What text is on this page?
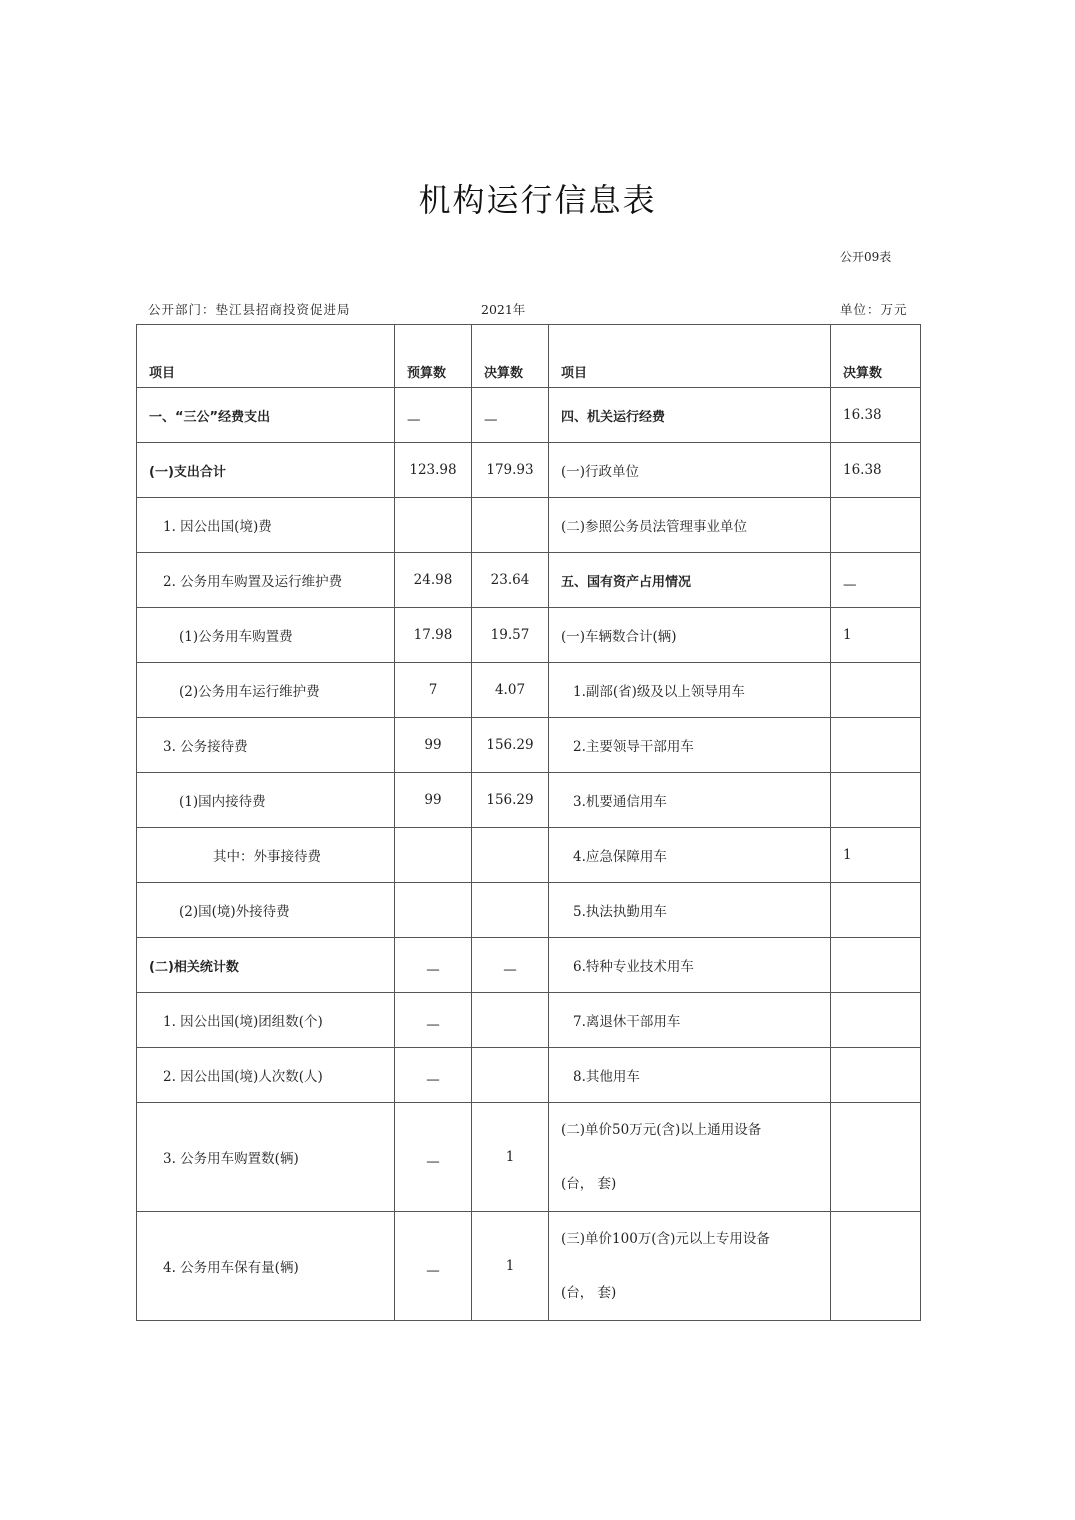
机构运行信息表
公开09表
公开部门：垫江县招商投资促进局	2021年	单位：万元
项目	预算数	决算数	项目	决算数
一、“三公”经费支出	—	—	四、机关运行经费	16.38
(一)支出合计	123.98	179.93	(一)行政单位	16.38
1. 因公出国(境)费			(二)参照公务员法管理事业单位	
2. 公务用车购置及运行维护费	24.98	23.64	五、国有资产占用情况	—
(1)公务用车购置费	17.98	19.57	(一)车辆数合计(辆)	1
(2)公务用车运行维护费	7	4.07	1.副部(省)级及以上领导用车	
3. 公务接待费	99	156.29	2.主要领导干部用车	
(1)国内接待费	99	156.29	3.机要通信用车	
其中：外事接待费			4.应急保障用车	1
(2)国(境)外接待费			5.执法执勤用车	
(二)相关统计数	—	—	6.特种专业技术用车	
1. 因公出国(境)团组数(个)	—		7.离退休干部用车	
2. 因公出国(境)人次数(人)	—		8.其他用车	
3. 公务用车购置数(辆)	—	1	(二)单价50万元(含)以上通用设备
(台， 套)	

4. 公务用车保有量(辆)	—	1	(三)单价100万(含)元以上专用设备
(台， 套)	
